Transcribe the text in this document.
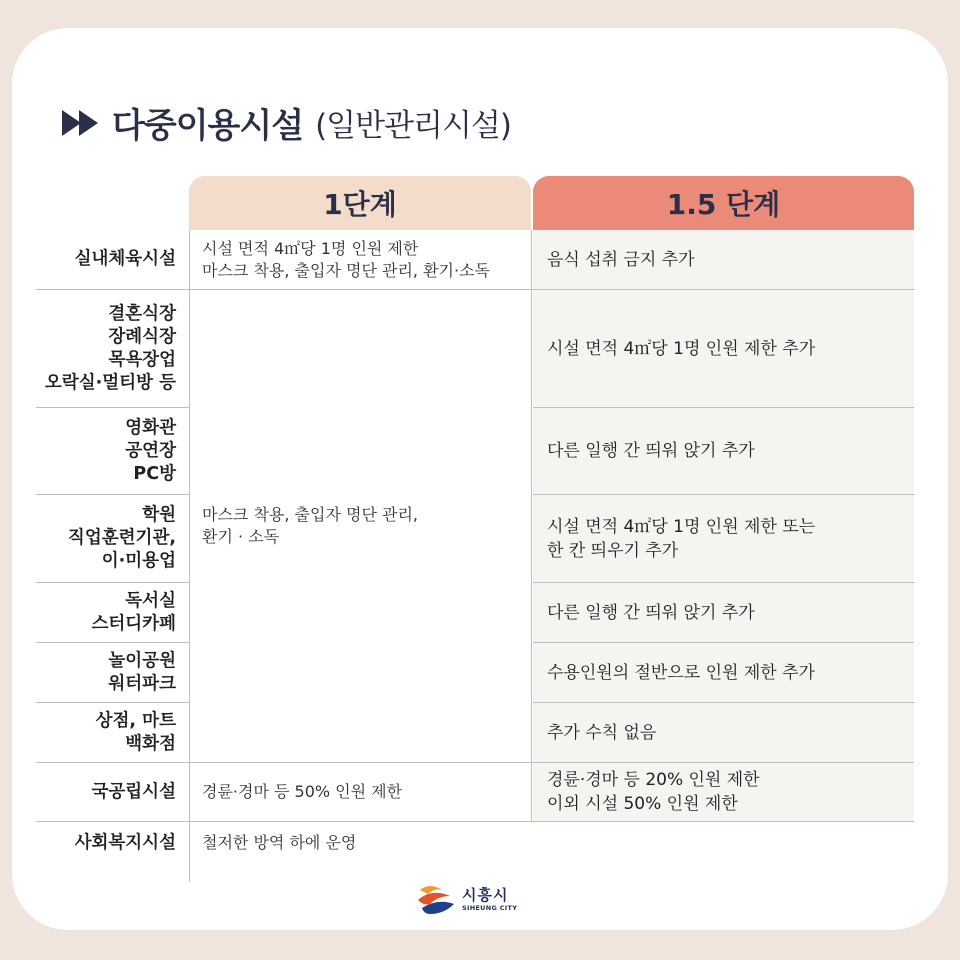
다중이용시설 (일반관리시설)
1단계	1.5 단계
실내체육시설
결혼식장
장례식장
목욕장업
오락실·멀티방 등
영화관
공연장
PC방
학원
직업훈련기관,
이·미용업
독서실
스터디카페
놀이공원
워터파크
상점, 마트
백화점
국공립시설
사회복지시설
시설 면적 4㎡당 1명 인원 제한
마스크 착용, 출입자 명단 관리, 환기·소독
마스크 착용, 출입자 명단 관리,
환기 · 소독
경륜·경마 등 50% 인원 제한
철저한 방역 하에 운영
음식 섭취 금지 추가
시설 면적 4㎡당 1명 인원 제한 추가
다른 일행 간 띄워 앉기 추가
시설 면적 4㎡당 1명 인원 제한 또는
한 칸 띄우기 추가
다른 일행 간 띄워 앉기 추가
수용인원의 절반으로 인원 제한 추가
추가 수칙 없음
경륜·경마 등 20% 인원 제한
이외 시설 50% 인원 제한
시흥시
SIHEUNG CITY
